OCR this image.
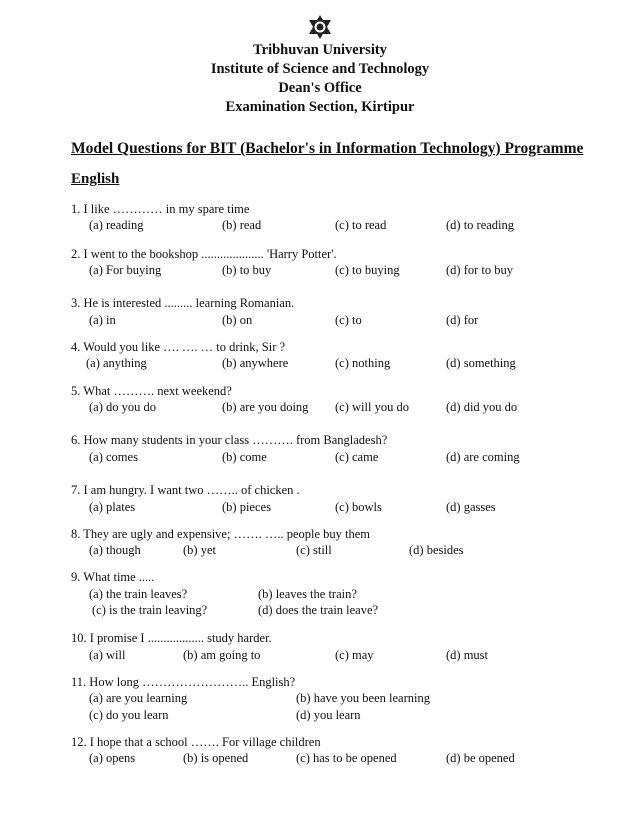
Tribhuvan University
Institute of Science and Technology
Dean's Office
Examination Section, Kirtipur
Model Questions for BIT (Bachelor's in Information Technology) Programme
English
1. I like ………… in my spare time
(a) reading	(b) read	(c) to read	(d) to reading
2. I went to the bookshop .................... 'Harry Potter'.
(a) For buying	(b) to buy	(c) to buying	(d) for to buy
3. He is interested ......... learning Romanian.
(a) in	(b) on	(c) to	(d) for
4. Would you like …. …. … to drink, Sir ?
(a) anything	(b) anywhere	(c) nothing	(d) something
5. What ………. next weekend?
(a) do you do	(b) are you doing (c) will you do	(d) did you do
6. How many students in your class ………. from Bangladesh?
(a) comes	(b) come	(c) came	(d) are coming
7. I am hungry. I want two …….. of chicken .
(a) plates	(b) pieces	(c) bowls	(d) gasses
8. They are ugly and expensive; ……. ….. people buy them
(a) though	(b) yet	(c) still	(d) besides
9. What time .....
(a) the train leaves?	(b) leaves the train?
(c) is the train leaving?	(d) does the train leave?
10. I promise I .................. study harder.
(a) will	(b) am going to	(c) may	(d) must
11. How long …………………….. English?
(a) are you learning	(b) have you been learning
(c) do you learn	(d) you learn
12. I hope that a school ……. For village children
(a) opens	(b) is opened	(c) has to be opened	(d) be opened
